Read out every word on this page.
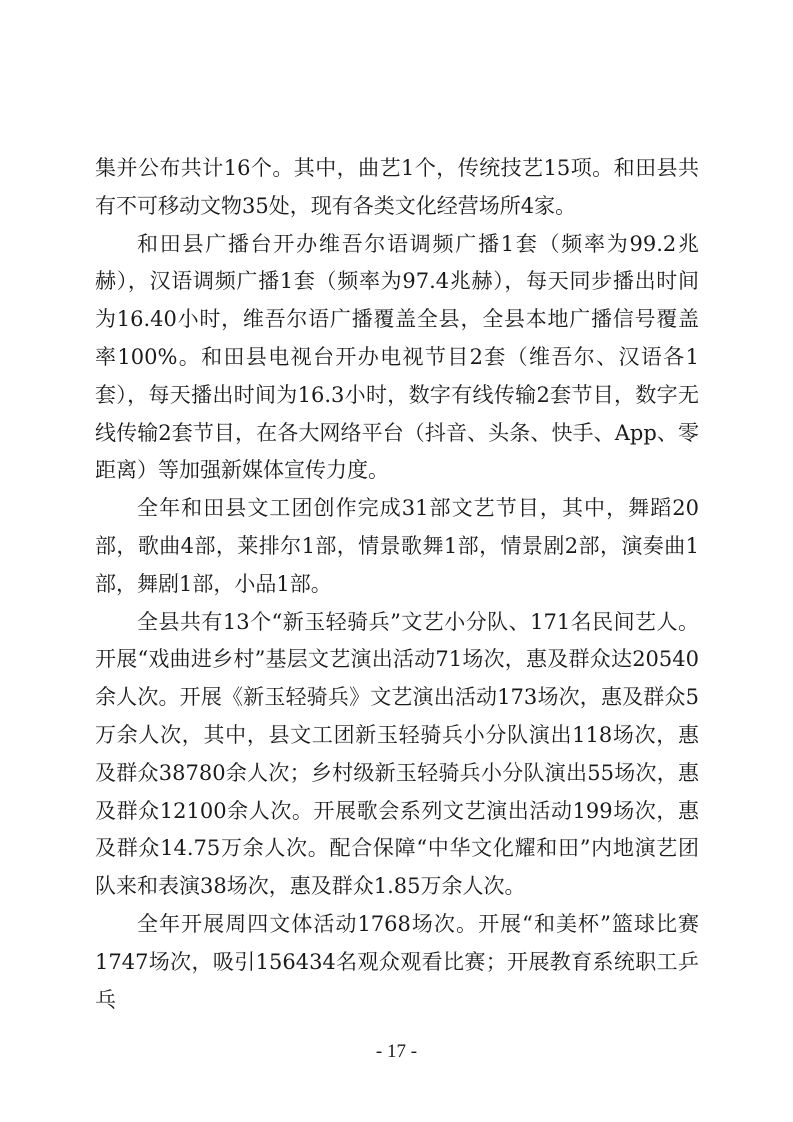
集并公布共计16个。其中，曲艺1个，传统技艺15项。和田县共有不可移动文物35处，现有各类文化经营场所4家。

和田县广播台开办维吾尔语调频广播1套（频率为99.2兆赫），汉语调频广播1套（频率为97.4兆赫），每天同步播出时间为16.40小时，维吾尔语广播覆盖全县，全县本地广播信号覆盖率100%。和田县电视台开办电视节目2套（维吾尔、汉语各1套），每天播出时间为16.3小时，数字有线传输2套节目，数字无线传输2套节目，在各大网络平台（抖音、头条、快手、App、零距离）等加强新媒体宣传力度。

全年和田县文工团创作完成31部文艺节目，其中，舞蹈20部，歌曲4部，莱排尔1部，情景歌舞1部，情景剧2部，演奏曲1部，舞剧1部，小品1部。

全县共有13个“新玉轻骑兵”文艺小分队、171名民间艺人。开展“戏曲进乡村”基层文艺演出活动71场次，惠及群众达20540余人次。开展《新玉轻骑兵》文艺演出活动173场次，惠及群众5万余人次，其中，县文工团新玉轻骑兵小分队演出118场次，惠及群众38780余人次；乡村级新玉轻骑兵小分队演出55场次，惠及群众12100余人次。开展歌会系列文艺演出活动199场次，惠及群众14.75万余人次。配合保障“中华文化耀和田”内地演艺团队来和表演38场次，惠及群众1.85万余人次。

全年开展周四文体活动1768场次。开展“和美杯”篮球比赛1747场次，吸引156434名观众观看比赛；开展教育系统职工乒乓

- 17 -
